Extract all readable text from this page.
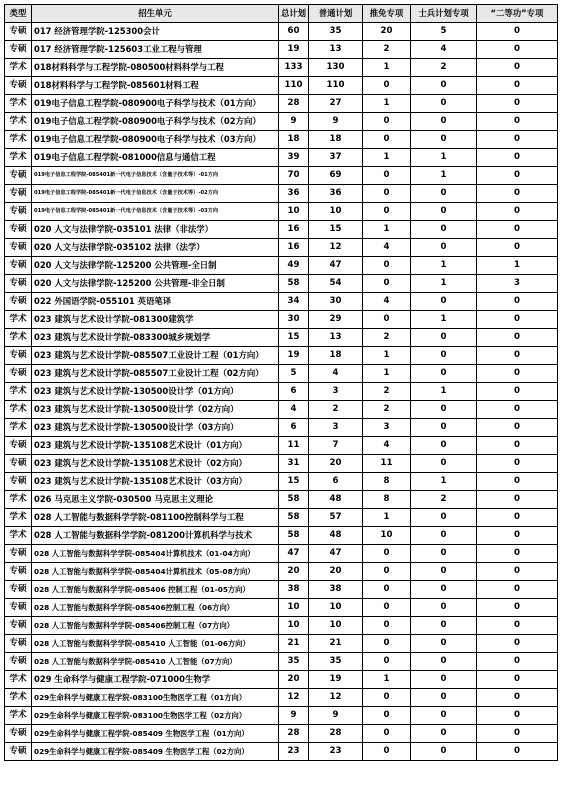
类型	招生单元	总计划	普通计划	推免专项	士兵计划专项	“二等功”专项
专硕	017 经济管理学院-125300会计	60	35	20	5	0
专硕	017 经济管理学院-125603工业工程与管理	19	13	2	4	0
学术	018材料科学与工程学院-080500材料科学与工程	133	130	1	2	0
专硕	018材料科学与工程学院-085601材料工程	110	110	0	0	0
学术	019电子信息工程学院-080900电子科学与技术（01方向）	28	27	1	0	0
学术	019电子信息工程学院-080900电子科学与技术（02方向）	9	9	0	0	0
学术	019电子信息工程学院-080900电子科学与技术（03方向）	18	18	0	0	0
学术	019电子信息工程学院-081000信息与通信工程	39	37	1	1	0
专硕	019电子信息工程学院-085401新一代电子信息技术（含量子技术等）-01方向	70	69	0	1	0
专硕	019电子信息工程学院-085401新一代电子信息技术（含量子技术等）-02方向	36	36	0	0	0
专硕	019电子信息工程学院-085401新一代电子信息技术（含量子技术等）-03方向	10	10	0	0	0
专硕	020 人文与法律学院-035101 法律（非法学）	16	15	1	0	0
专硕	020 人文与法律学院-035102 法律（法学）	16	12	4	0	0
专硕	020 人文与法律学院-125200 公共管理-全日制	49	47	0	1	1
专硕	020 人文与法律学院-125200 公共管理-非全日制	58	54	0	1	3
专硕	022 外国语学院-055101 英语笔译	34	30	4	0	0
学术	023 建筑与艺术设计学院-081300建筑学	30	29	0	1	0
学术	023 建筑与艺术设计学院-083300城乡规划学	15	13	2	0	0
专硕	023 建筑与艺术设计学院-085507工业设计工程（01方向）	19	18	1	0	0
专硕	023 建筑与艺术设计学院-085507工业设计工程（02方向）	5	4	1	0	0
学术	023 建筑与艺术设计学院-130500设计学（01方向）	6	3	2	1	0
学术	023 建筑与艺术设计学院-130500设计学（02方向）	4	2	2	0	0
学术	023 建筑与艺术设计学院-130500设计学（03方向）	6	3	3	0	0
专硕	023 建筑与艺术设计学院-135108艺术设计（01方向）	11	7	4	0	0
专硕	023 建筑与艺术设计学院-135108艺术设计（02方向）	31	20	11	0	0
专硕	023 建筑与艺术设计学院-135108艺术设计（03方向）	15	6	8	1	0
学术	026 马克思主义学院-030500 马克思主义理论	58	48	8	2	0
学术	028 人工智能与数据科学学院-081100控制科学与工程	58	57	1	0	0
学术	028 人工智能与数据科学学院-081200计算机科学与技术	58	48	10	0	0
专硕	028 人工智能与数据科学学院-085404计算机技术（01-04方向）	47	47	0	0	0
专硕	028 人工智能与数据科学学院-085404计算机技术（05-08方向）	20	20	0	0	0
专硕	028 人工智能与数据科学学院-085406 控制工程（01-05方向）	38	38	0	0	0
专硕	028 人工智能与数据科学学院-085406控制工程（06方向）	10	10	0	0	0
专硕	028 人工智能与数据科学学院-085406控制工程（07方向）	10	10	0	0	0
专硕	028 人工智能与数据科学学院-085410 人工智能（01-06方向）	21	21	0	0	0
专硕	028 人工智能与数据科学学院-085410 人工智能（07方向）	35	35	0	0	0
学术	029 生命科学与健康工程学院-071000生物学	20	19	1	0	0
学术	029生命科学与健康工程学院-083100生物医学工程（01方向）	12	12	0	0	0
学术	029生命科学与健康工程学院-083100生物医学工程（02方向）	9	9	0	0	0
专硕	029生命科学与健康工程学院-085409 生物医学工程（01方向）	28	28	0	0	0
专硕	029生命科学与健康工程学院-085409 生物医学工程（02方向）	23	23	0	0	0
